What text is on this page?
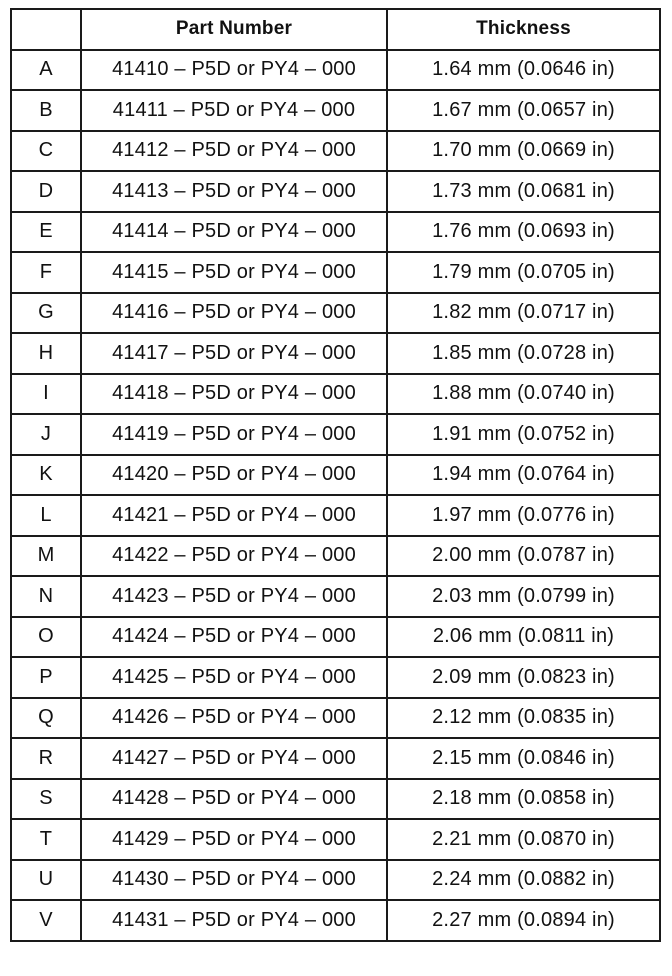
	Part Number	Thickness
A	41410 – P5D or PY4 – 000	1.64 mm (0.0646 in)
B	41411 – P5D or PY4 – 000	1.67 mm (0.0657 in)
C	41412 – P5D or PY4 – 000	1.70 mm (0.0669 in)
D	41413 – P5D or PY4 – 000	1.73 mm (0.0681 in)
E	41414 – P5D or PY4 – 000	1.76 mm (0.0693 in)
F	41415 – P5D or PY4 – 000	1.79 mm (0.0705 in)
G	41416 – P5D or PY4 – 000	1.82 mm (0.0717 in)
H	41417 – P5D or PY4 – 000	1.85 mm (0.0728 in)
I	41418 – P5D or PY4 – 000	1.88 mm (0.0740 in)
J	41419 – P5D or PY4 – 000	1.91 mm (0.0752 in)
K	41420 – P5D or PY4 – 000	1.94 mm (0.0764 in)
L	41421 – P5D or PY4 – 000	1.97 mm (0.0776 in)
M	41422 – P5D or PY4 – 000	2.00 mm (0.0787 in)
N	41423 – P5D or PY4 – 000	2.03 mm (0.0799 in)
O	41424 – P5D or PY4 – 000	2.06 mm (0.0811 in)
P	41425 – P5D or PY4 – 000	2.09 mm (0.0823 in)
Q	41426 – P5D or PY4 – 000	2.12 mm (0.0835 in)
R	41427 – P5D or PY4 – 000	2.15 mm (0.0846 in)
S	41428 – P5D or PY4 – 000	2.18 mm (0.0858 in)
T	41429 – P5D or PY4 – 000	2.21 mm (0.0870 in)
U	41430 – P5D or PY4 – 000	2.24 mm (0.0882 in)
V	41431 – P5D or PY4 – 000	2.27 mm (0.0894 in)
